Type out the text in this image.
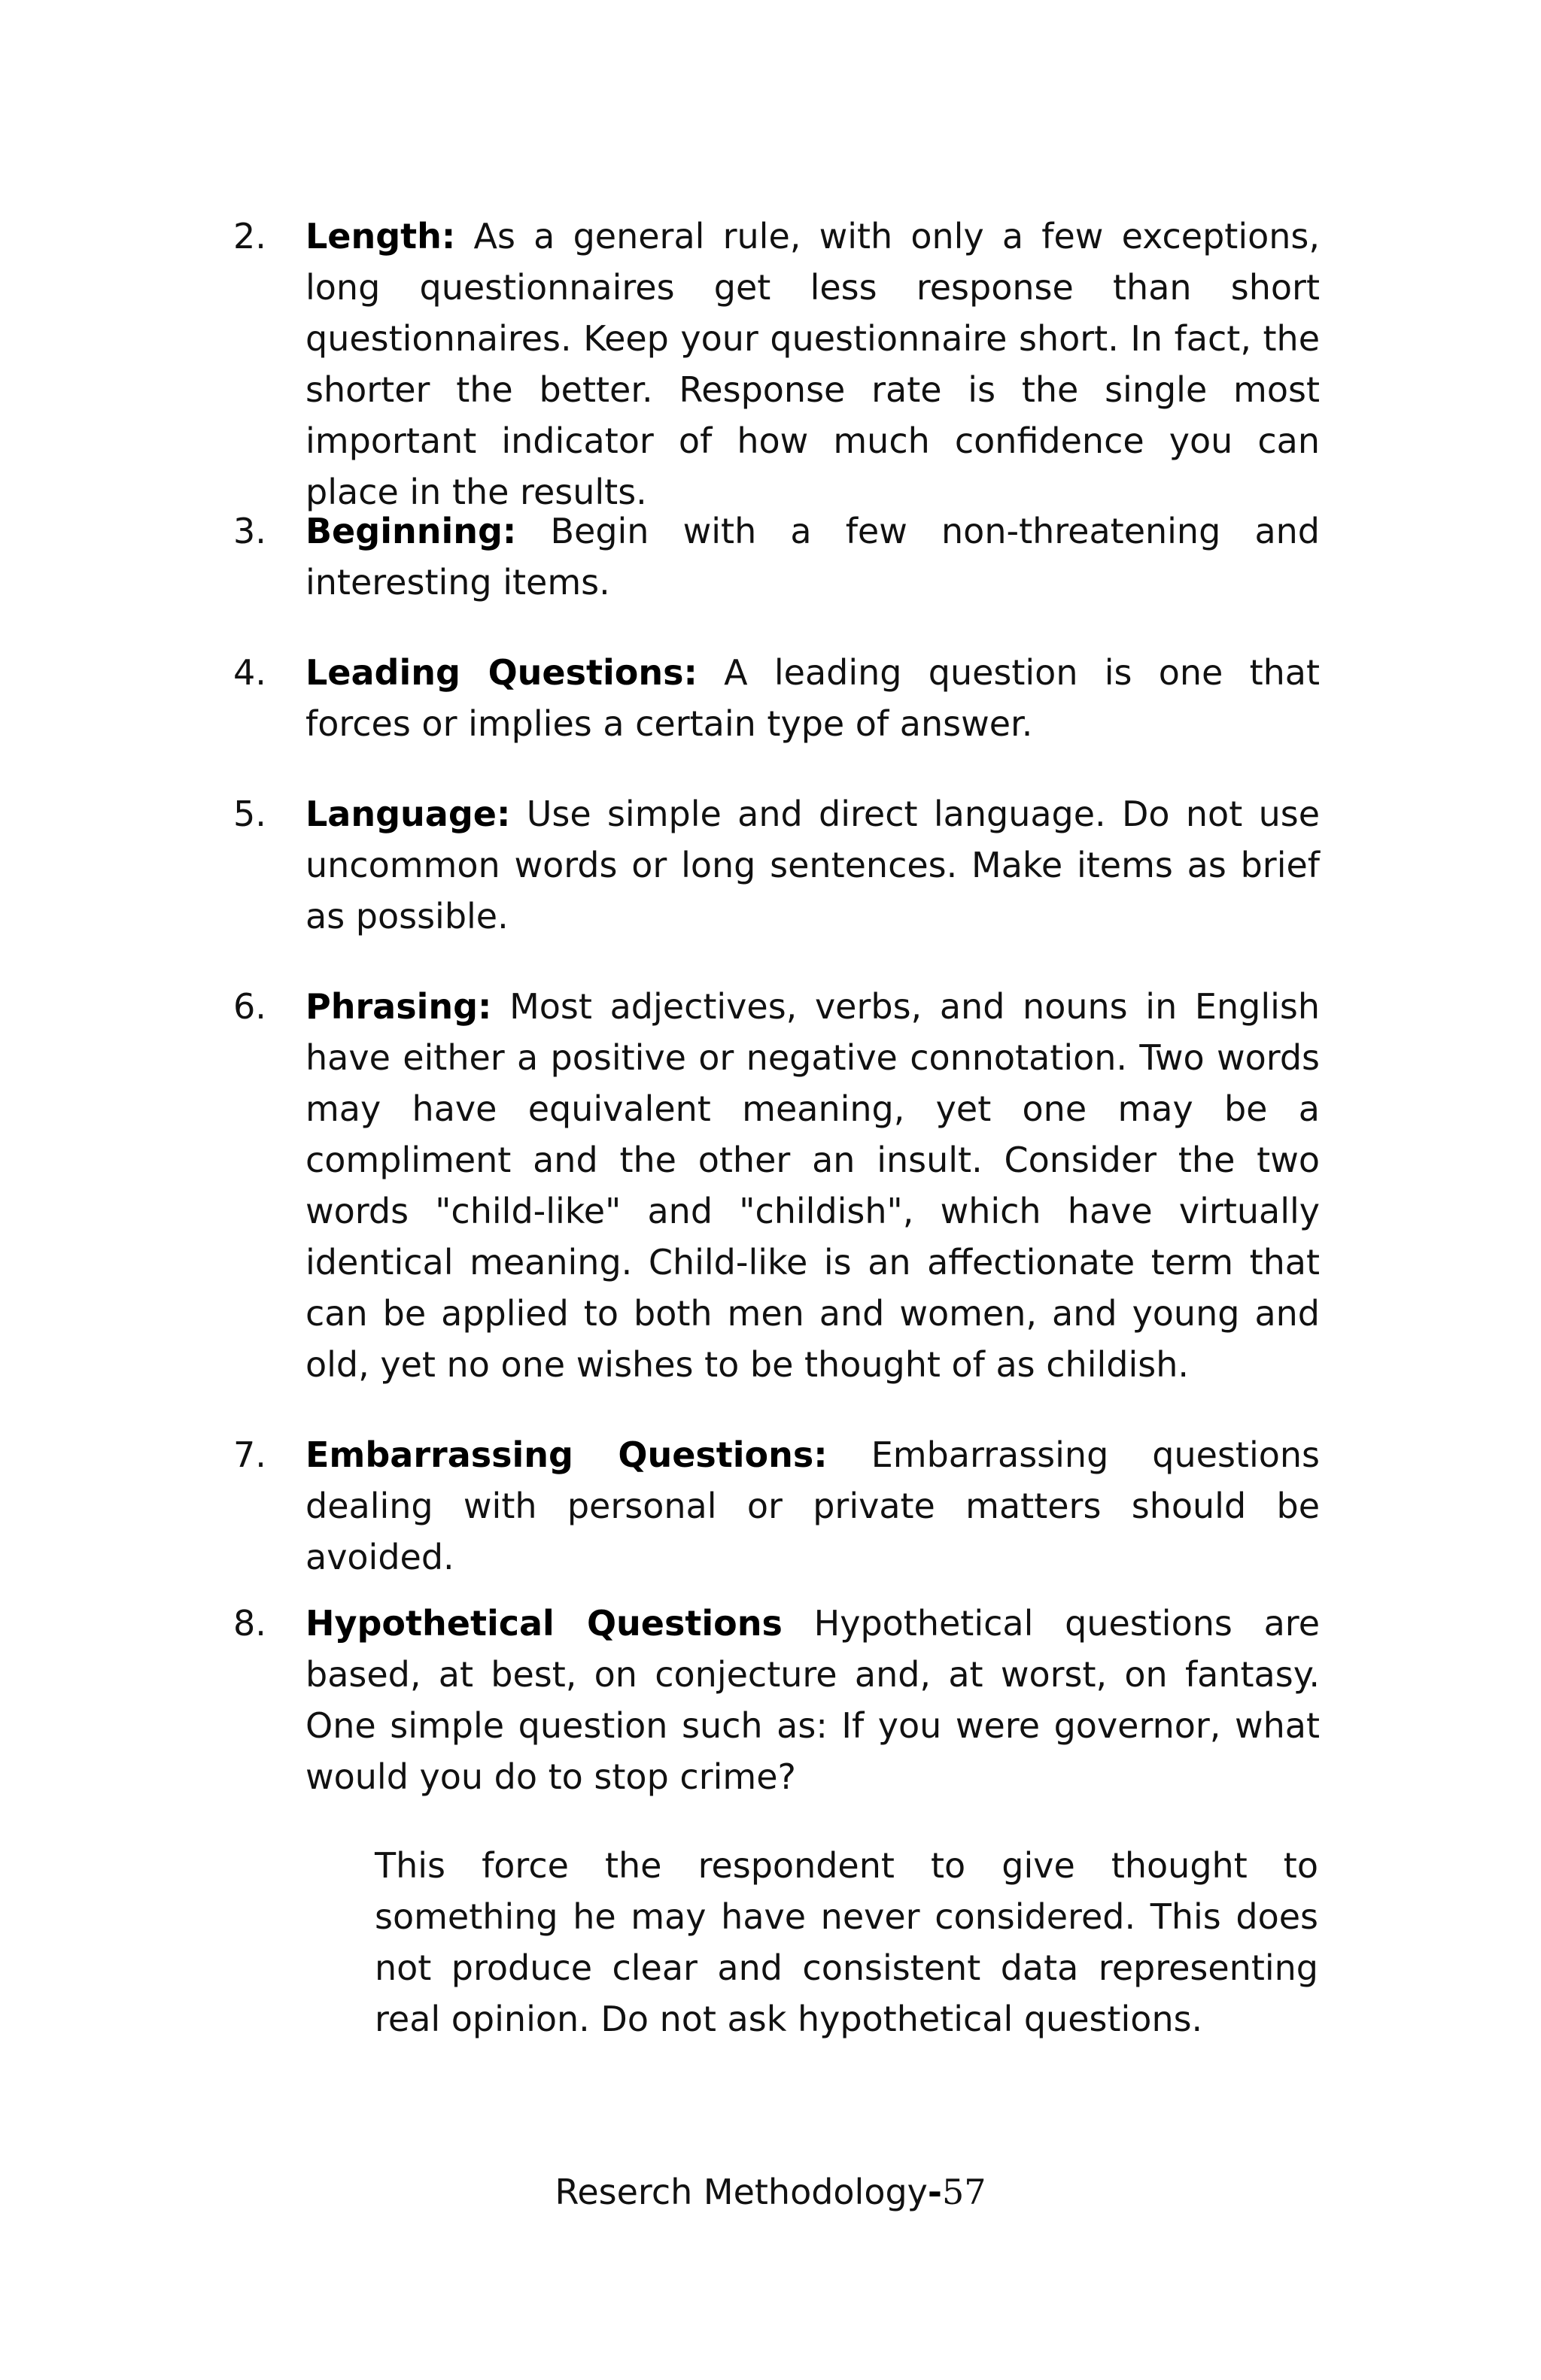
2.	Length: As a general rule, with only a few exceptions, long questionnaires get less response than short questionnaires. Keep your questionnaire short. In fact, the shorter the better. Response rate is the single most important indicator of how much confidence you can place in the results.
3.	Beginning: Begin with a few non-threatening and interesting items.
4.	Leading Questions: A leading question is one that forces or implies a certain type of answer.
5.	Language: Use simple and direct language. Do not use uncommon words or long sentences. Make items as brief as possible.
6.	Phrasing: Most adjectives, verbs, and nouns in English have either a positive or negative connotation. Two words may have equivalent meaning, yet one may be a compliment and the other an insult. Consider the two words "child-like" and "childish", which have virtually identical meaning. Child-like is an affectionate term that can be applied to both men and women, and young and old, yet no one wishes to be thought of as childish.
7.	Embarrassing Questions: Embarrassing questions dealing with personal or private matters should be avoided.
8.	Hypothetical Questions Hypothetical questions are based, at best, on conjecture and, at worst, on fantasy. One simple question such as: If you were governor, what would you do to stop crime?
This force the respondent to give thought to something he may have never considered. This does not produce clear and consistent data representing real opinion. Do not ask hypothetical questions.
Reserch Methodology-57
